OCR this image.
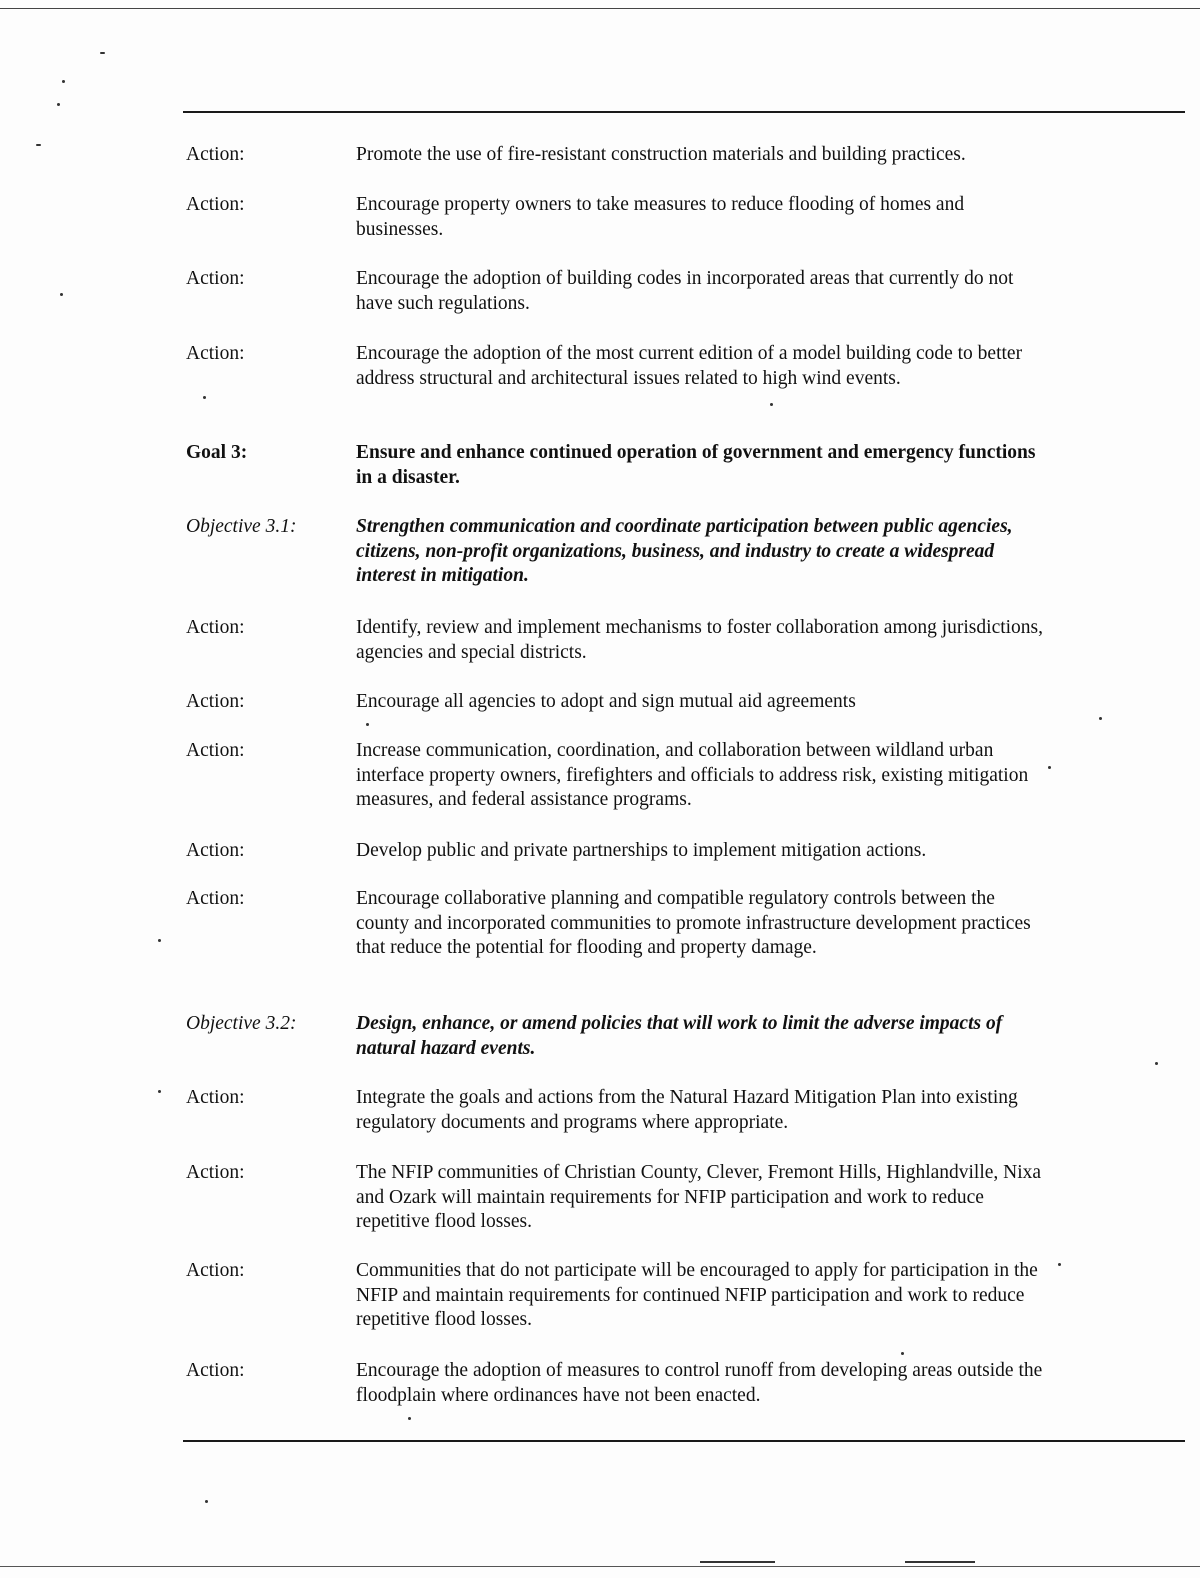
Action:	Promote the use of fire-resistant construction materials and building practices.
Action:	Encourage property owners to take measures to reduce flooding of homes and businesses.
Action:	Encourage the adoption of building codes in incorporated areas that currently do not have such regulations.
Action:	Encourage the adoption of the most current edition of a model building code to better address structural and architectural issues related to high wind events.
Goal 3:	Ensure and enhance continued operation of government and emergency functions in a disaster.
Objective 3.1:	Strengthen communication and coordinate participation between public agencies, citizens, non-profit organizations, business, and industry to create a widespread interest in mitigation.
Action:	Identify, review and implement mechanisms to foster collaboration among jurisdictions, agencies and special districts.
Action:	Encourage all agencies to adopt and sign mutual aid agreements
Action:	Increase communication, coordination, and collaboration between wildland urban interface property owners, firefighters and officials to address risk, existing mitigation measures, and federal assistance programs.
Action:	Develop public and private partnerships to implement mitigation actions.
Action:	Encourage collaborative planning and compatible regulatory controls between the county and incorporated communities to promote infrastructure development practices that reduce the potential for flooding and property damage.
Objective 3.2:	Design, enhance, or amend policies that will work to limit the adverse impacts of natural hazard events.
Action:	Integrate the goals and actions from the Natural Hazard Mitigation Plan into existing regulatory documents and programs where appropriate.
Action:	The NFIP communities of Christian County, Clever, Fremont Hills, Highlandville, Nixa and Ozark will maintain requirements for NFIP participation and work to reduce repetitive flood losses.
Action:	Communities that do not participate will be encouraged to apply for participation in the NFIP and maintain requirements for continued NFIP participation and work to reduce repetitive flood losses.
Action:	Encourage the adoption of measures to control runoff from developing areas outside the floodplain where ordinances have not been enacted.
